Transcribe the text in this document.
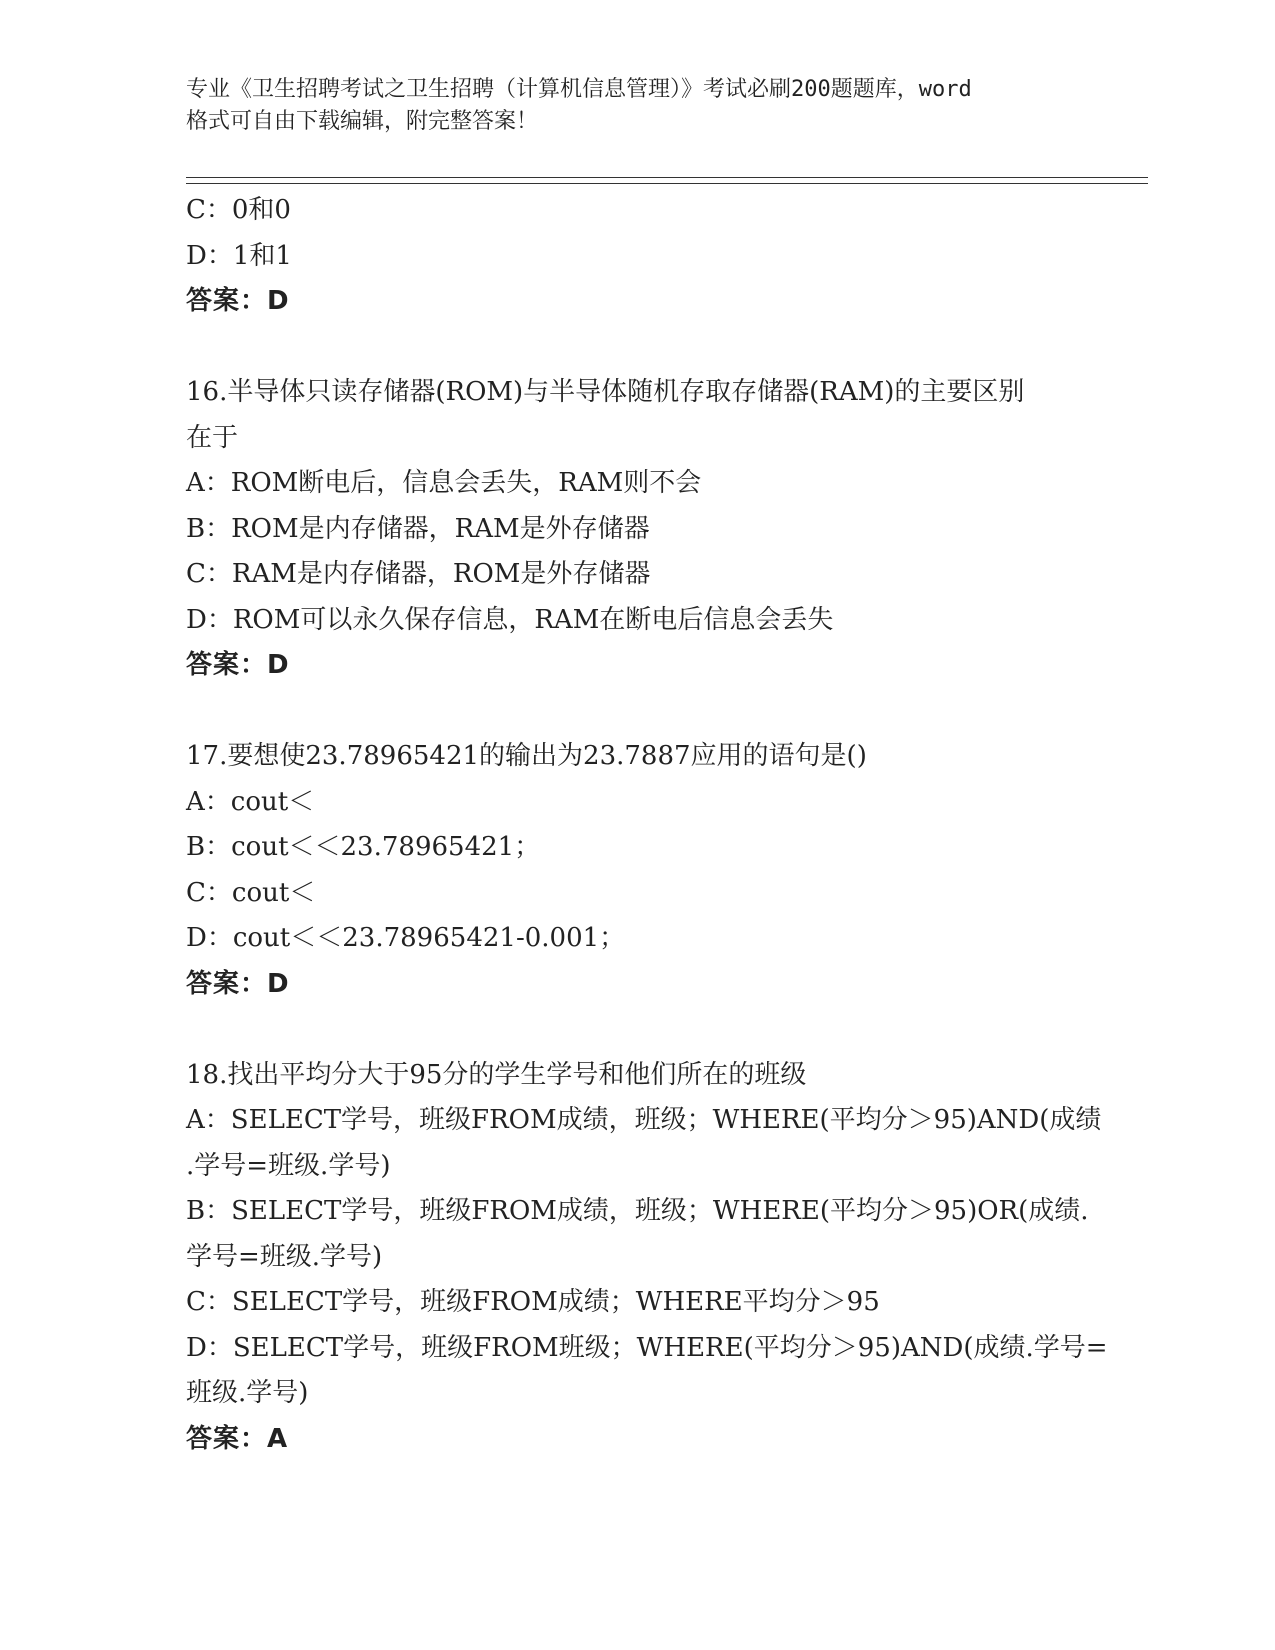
专业《卫生招聘考试之卫生招聘（计算机信息管理）》考试必刷200题题库，word
格式可自由下载编辑，附完整答案！
C：0和0
D：1和1
答案：D
16.半导体只读存储器(ROM)与半导体随机存取存储器(RAM)的主要区别
在于
A：ROM断电后，信息会丢失，RAM则不会
B：ROM是内存储器，RAM是外存储器
C：RAM是内存储器，ROM是外存储器
D：ROM可以永久保存信息，RAM在断电后信息会丢失
答案：D
17.要想使23.78965421的输出为23.7887应用的语句是()
A：cout＜
B：cout＜＜23.78965421；
C：cout＜
D：cout＜＜23.78965421-0.001；
答案：D
18.找出平均分大于95分的学生学号和他们所在的班级
A：SELECT学号，班级FROM成绩，班级；WHERE(平均分＞95)AND(成绩
.学号=班级.学号)
B：SELECT学号，班级FROM成绩，班级；WHERE(平均分＞95)OR(成绩.
学号=班级.学号)
C：SELECT学号，班级FROM成绩；WHERE平均分＞95
D：SELECT学号，班级FROM班级；WHERE(平均分＞95)AND(成绩.学号=
班级.学号)
答案：A
